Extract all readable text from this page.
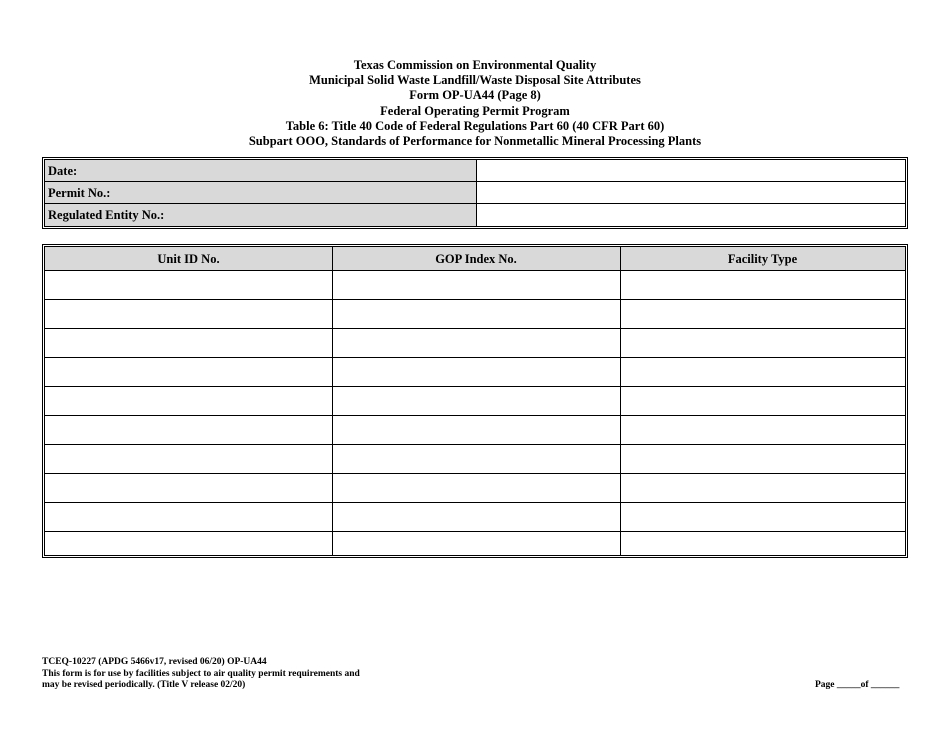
Texas Commission on Environmental Quality
Municipal Solid Waste Landfill/Waste Disposal Site Attributes
Form OP-UA44 (Page 8)
Federal Operating Permit Program
Table 6: Title 40 Code of Federal Regulations Part 60 (40 CFR Part 60)
Subpart OOO, Standards of Performance for Nonmetallic Mineral Processing Plants
Date:
Permit No.:
Regulated Entity No.:
Unit ID No.	GOP Index No.	Facility Type
TCEQ-10227 (APDG 5466v17, revised 06/20) OP-UA44
This form is for use by facilities subject to air quality permit requirements and
may be revised periodically. (Title V release 02/20)	Page _____of ______
